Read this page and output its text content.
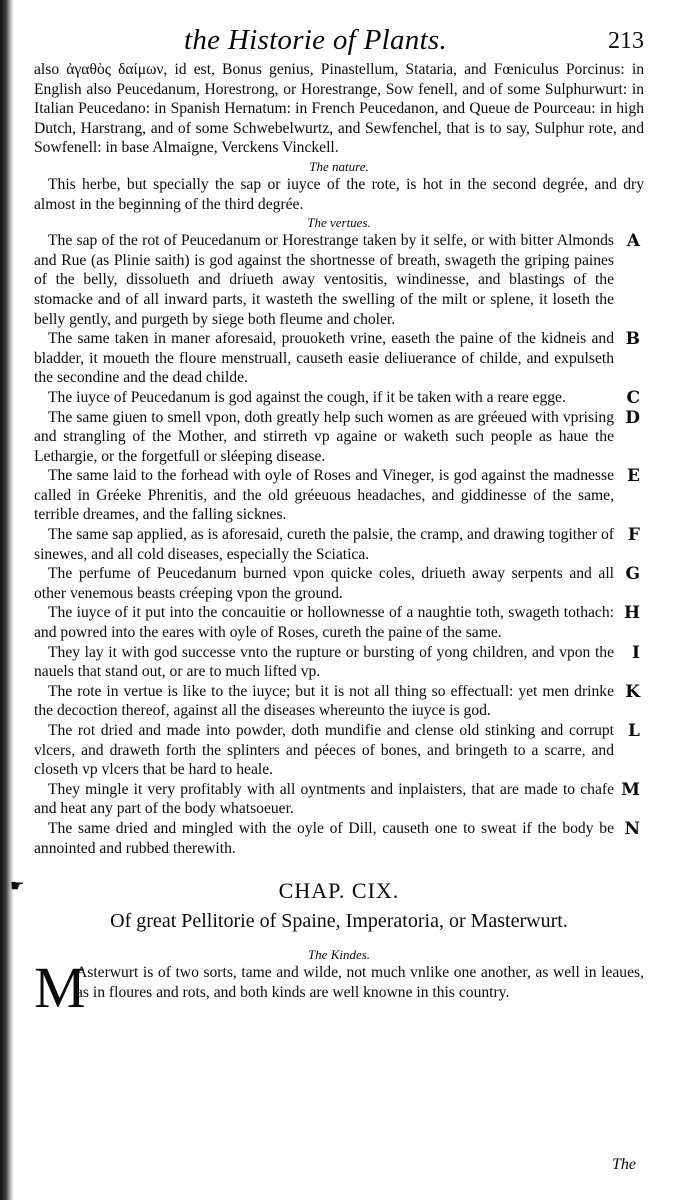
the Historie of Plants.	213

also ἀγαθὸς δαίμων, id est, Bonus genius, Pinastellum, Stataria, and Fœniculus Porcinus: in English also Peucedanum, Horestrong, or Horestrange, Sow fenell, and of some Sulphurwurt: in Italian Peucedano: in Spanish Hernatum: in French Peucedanon, and Queue de Pourceau: in high Dutch, Harstrang, and of some Schwebelwurtz, and Sewfenchel, that is to say, Sulphur rote, and Sowfenell: in base Almaigne, Verckens Vinckell.

The nature.

This herbe, but specially the sap or iuyce of the rote, is hot in the second degrée, and dry almost in the beginning of the third degrée.

The vertues.

The sap of the rot of Peucedanum or Horestrange taken by it selfe, or with bitter Almonds and Rue (as Plinie saith) is god against the shortnesse of breath, swageth the griping paines of the belly, dissolueth and driueth away ventositis, windinesse, and blastings of the stomacke and of all inward parts, it wasteth the swelling of the milt or splene, it loseth the belly gently, and purgeth by siege both fleume and choler.

A

The same taken in maner aforesaid, prouoketh vrine, easeth the paine of the kidneis and bladder, it moueth the floure menstruall, causeth easie deliuerance of childe, and expulseth the secondine and the dead childe.

B

The iuyce of Peucedanum is god against the cough, if it be taken with a reare egge.	C

The same giuen to smell vpon, doth greatly help such women as are gréeued with vprising and strangling of the Mother, and stirreth vp againe or waketh such people as haue the Lethargie, or the forgetfull or sléeping disease.

D

The same laid to the forhead with oyle of Roses and Vineger, is god against the madnesse called in Gréeke Phrenitis, and the old gréeuous headaches, and giddinesse of the same, terrible dreames, and the falling sicknes.

E

The same sap applied, as is aforesaid, cureth the palsie, the cramp, and drawing togither of sinewes, and all cold diseases, especially the Sciatica.

F

The perfume of Peucedanum burned vpon quicke coles, driueth away serpents and all other venemous beasts créeping vpon the ground.

G

The iuyce of it put into the concauitie or hollownesse of a naughtie toth, swageth tothach: and powred into the eares with oyle of Roses, cureth the paine of the same.

H

They lay it with god successe vnto the rupture or bursting of yong children, and vpon the nauels that stand out, or are to much lifted vp.

I

The rote in vertue is like to the iuyce; but it is not all thing so effectuall: yet men drinke the decoction thereof, against all the diseases whereunto the iuyce is god.

K

The rot dried and made into powder, doth mundifie and clense old stinking and corrupt vlcers, and draweth forth the splinters and péeces of bones, and bringeth to a scarre, and closeth vp vlcers that be hard to heale.

L

They mingle it very profitably with all oyntments and inplaisters, that are made to chafe and heat any part of the body whatsoeuer.

M

The same dried and mingled with the oyle of Dill, causeth one to sweat if the body be annointed and rubbed therewith.

N
CHAP. CIX.
Of great Pellitorie of Spaine, Imperatoria, or Masterwurt.

The Kindes.

M
Asterwurt is of two sorts, tame and wilde, not much vnlike one another, as well in leaues, as in floures and rots, and both kinds are well knowne in this country.
The
☛
